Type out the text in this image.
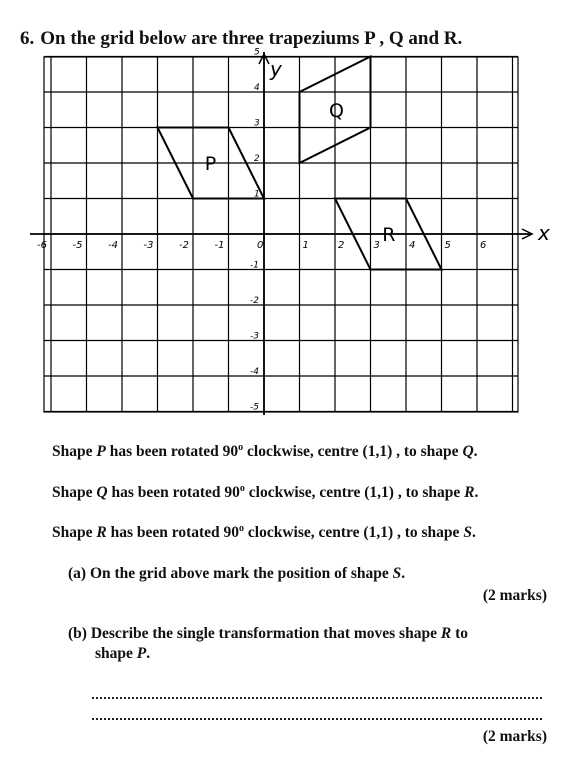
6. On the grid below are three trapeziums P , Q and R.
x
y
-6	-5	-4	-3	-2	-1	0	1	2	3	4	5	6
5
4
3
2
1
-1
-2
-3
-4
-5
P
Q
R
Shape P has been rotated 90$^o$ clockwise, centre (1,1) , to shape Q.
Shape Q has been rotated 90$^o$ clockwise, centre (1,1) , to shape R.
Shape R has been rotated 90$^o$ clockwise, centre (1,1) , to shape S.
(a) On the grid above mark the position of shape S.
(2 marks)
(b) Describe the single transformation that moves shape R to
shape P.
(2 marks)
